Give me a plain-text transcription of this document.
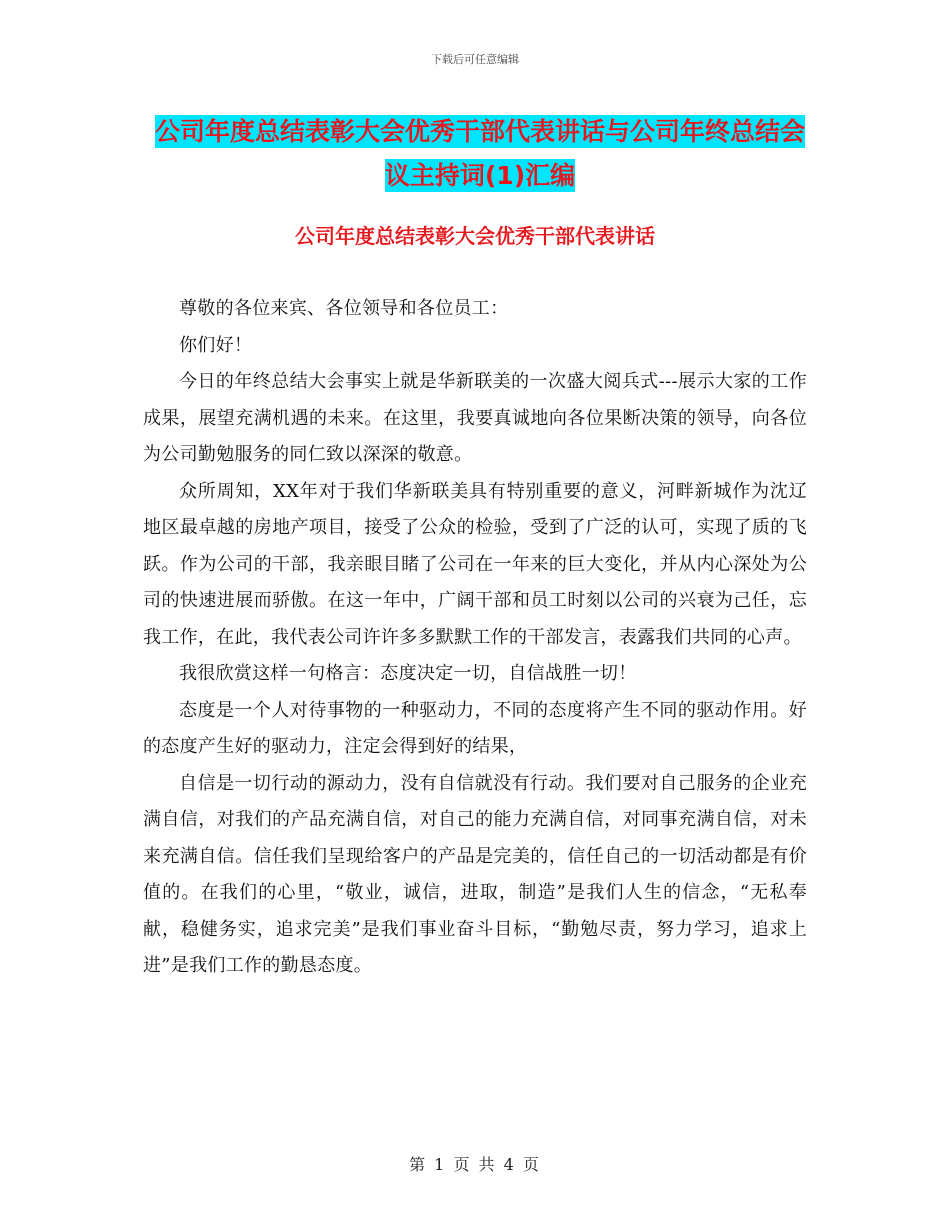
下载后可任意编辑
公司年度总结表彰大会优秀干部代表讲话与公司年终总结会议主持词(1)汇编
公司年度总结表彰大会优秀干部代表讲话

尊敬的各位来宾、各位领导和各位员工：

你们好！

今日的年终总结大会事实上就是华新联美的一次盛大阅兵式---展示大家的工作成果，展望充满机遇的未来。在这里，我要真诚地向各位果断决策的领导，向各位为公司勤勉服务的同仁致以深深的敬意。

众所周知，XX年对于我们华新联美具有特别重要的意义，河畔新城作为沈辽地区最卓越的房地产项目，接受了公众的检验，受到了广泛的认可，实现了质的飞跃。作为公司的干部，我亲眼目睹了公司在一年来的巨大变化，并从内心深处为公司的快速进展而骄傲。在这一年中，广阔干部和员工时刻以公司的兴衰为己任，忘我工作，在此，我代表公司许许多多默默工作的干部发言，表露我们共同的心声。

我很欣赏这样一句格言：态度决定一切，自信战胜一切！

态度是一个人对待事物的一种驱动力，不同的态度将产生不同的驱动作用。好的态度产生好的驱动力，注定会得到好的结果，

自信是一切行动的源动力，没有自信就没有行动。我们要对自己服务的企业充满自信，对我们的产品充满自信，对自己的能力充满自信，对同事充满自信，对未来充满自信。信任我们呈现给客户的产品是完美的，信任自己的一切活动都是有价值的。在我们的心里，“敬业，诚信，进取，制造”是我们人生的信念，“无私奉献，稳健务实，追求完美”是我们事业奋斗目标，“勤勉尽责，努力学习，追求上进”是我们工作的勤恳态度。

第 1 页 共 4 页
